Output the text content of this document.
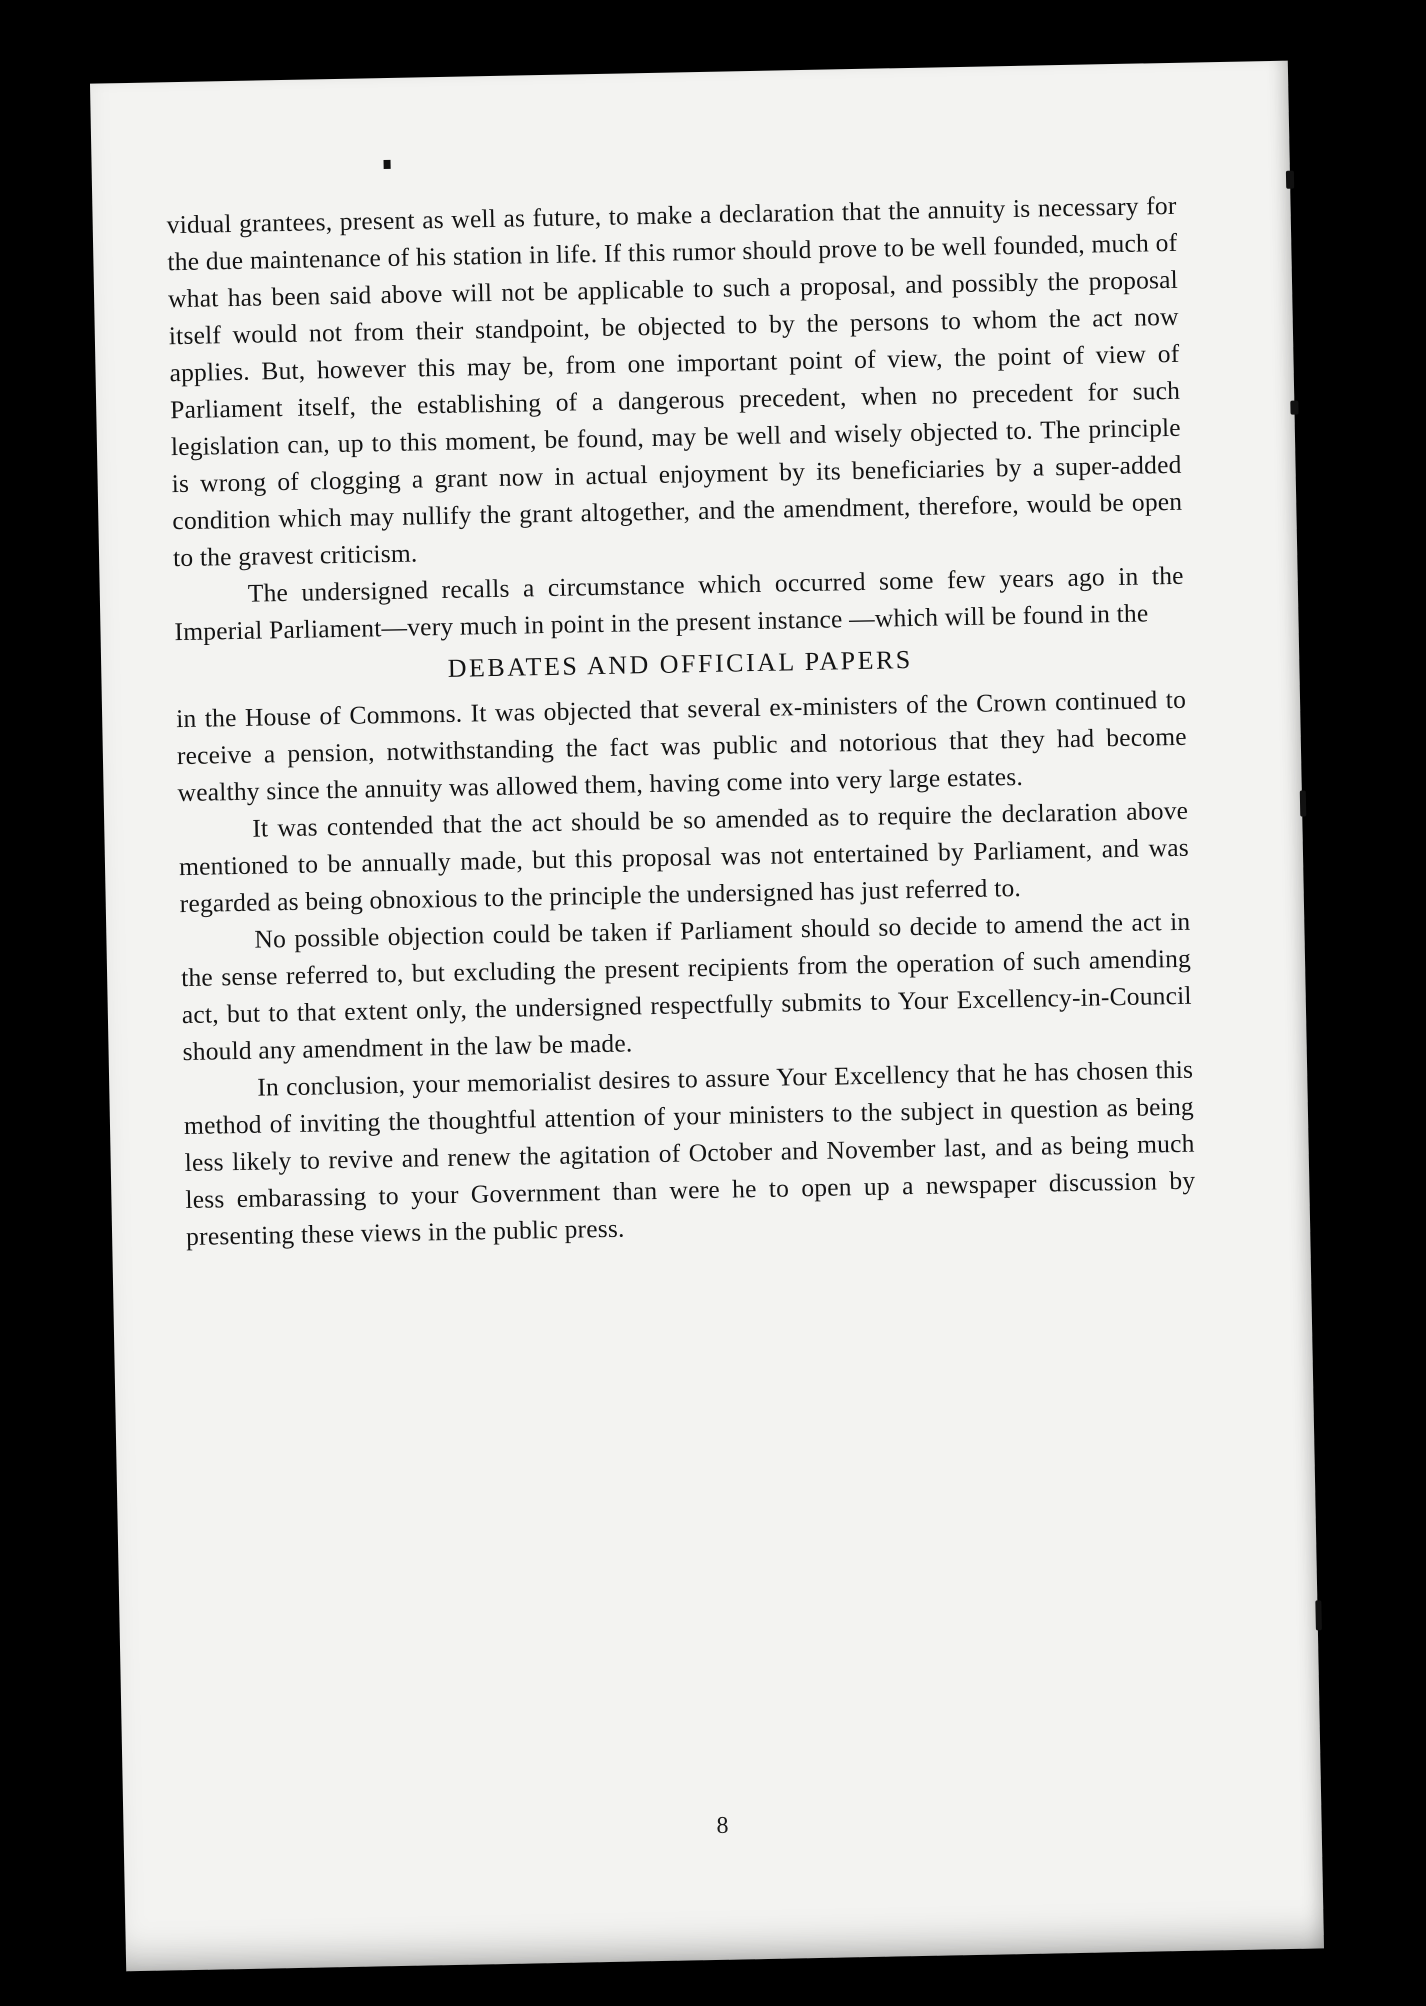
vidual grantees, present as well as future, to make a declaration that the annuity is necessary for the due maintenance of his station in life. If this rumor should prove to be well founded, much of what has been said above will not be applicable to such a proposal, and possibly the proposal itself would not from their standpoint, be objected to by the persons to whom the act now applies. But, however this may be, from one important point of view, the point of view of Parliament itself, the establishing of a dangerous precedent, when no precedent for such legislation can, up to this moment, be found, may be well and wisely objected to. The principle is wrong of clogging a grant now in actual enjoyment by its beneficiaries by a super-added condition which may nullify the grant altogether, and the amendment, therefore, would be open to the gravest criticism.

The undersigned recalls a circumstance which occurred some few years ago in the Imperial Parliament—very much in point in the present instance —which will be found in the

DEBATES AND OFFICIAL PAPERS

in the House of Commons. It was objected that several ex-ministers of the Crown continued to receive a pension, notwithstanding the fact was public and notorious that they had become wealthy since the annuity was allowed them, having come into very large estates.

It was contended that the act should be so amended as to require the declaration above mentioned to be annually made, but this proposal was not entertained by Parliament, and was regarded as being obnoxious to the principle the undersigned has just referred to.

No possible objection could be taken if Parliament should so decide to amend the act in the sense referred to, but excluding the present recipients from the operation of such amending act, but to that extent only, the undersigned respectfully submits to Your Excellency-in-Council should any amendment in the law be made.

In conclusion, your memorialist desires to assure Your Excellency that he has chosen this method of inviting the thoughtful attention of your ministers to the subject in question as being less likely to revive and renew the agitation of October and November last, and as being much less embarassing to your Government than were he to open up a newspaper discussion by presenting these views in the public press.

8
